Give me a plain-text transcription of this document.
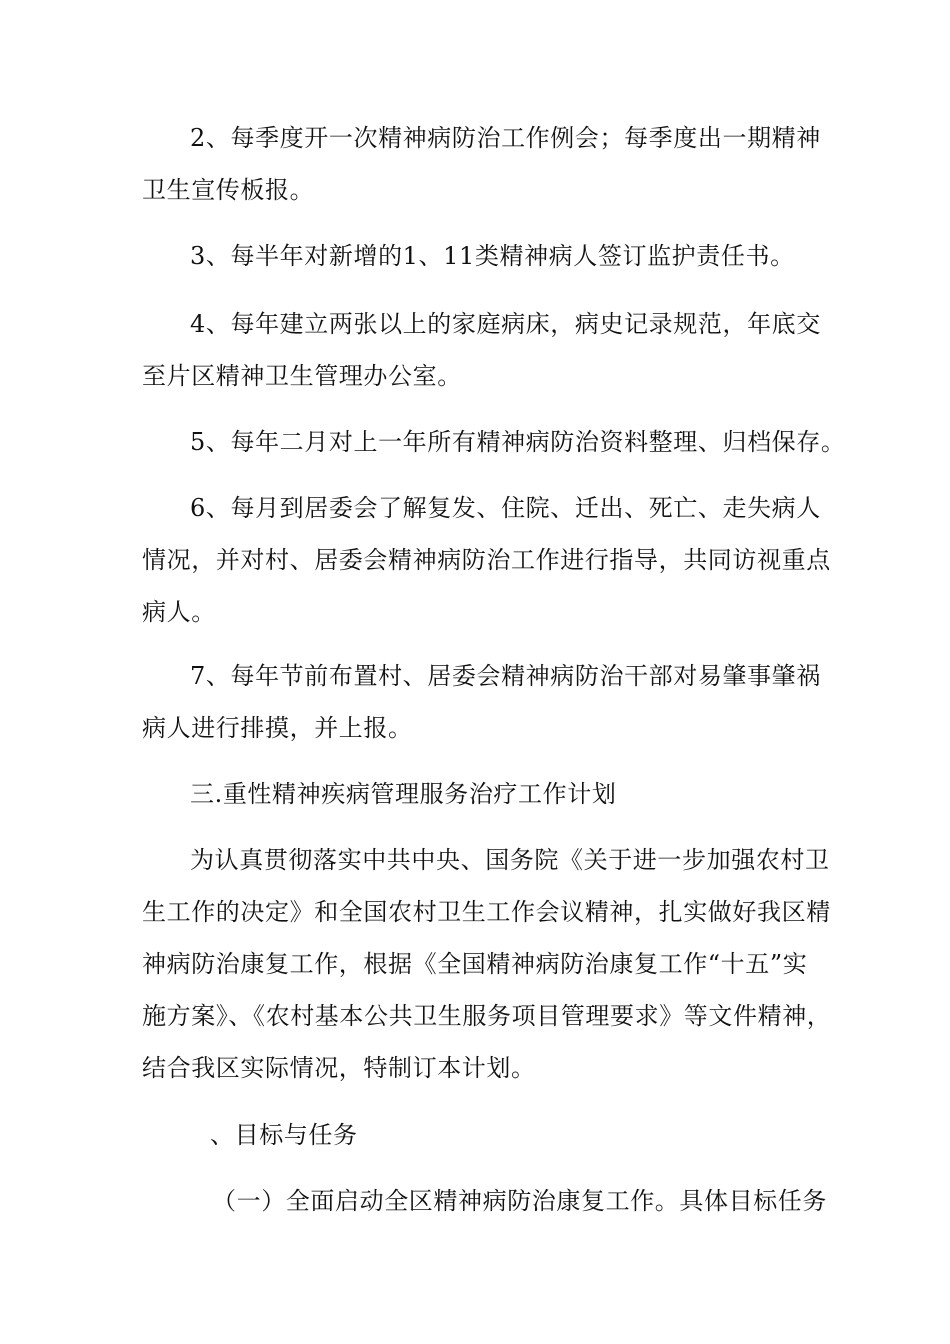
2、每季度开一次精神病防治工作例会；每季度出一期精神
卫生宣传板报。
3、每半年对新增的1、11类精神病人签订监护责任书。
4、每年建立两张以上的家庭病床，病史记录规范，年底交
至片区精神卫生管理办公室。
5、每年二月对上一年所有精神病防治资料整理、归档保存。
6、每月到居委会了解复发、住院、迁出、死亡、走失病人
情况，并对村、居委会精神病防治工作进行指导，共同访视重点
病人。
7、每年节前布置村、居委会精神病防治干部对易肇事肇祸
病人进行排摸，并上报。
三.重性精神疾病管理服务治疗工作计划
为认真贯彻落实中共中央、国务院《关于进一步加强农村卫
生工作的决定》和全国农村卫生工作会议精神，扎实做好我区精
神病防治康复工作，根据《全国精神病防治康复工作“十五”实
施方案》、《农村基本公共卫生服务项目管理要求》等文件精神，
结合我区实际情况，特制订本计划。
、目标与任务
（一）全面启动全区精神病防治康复工作。具体目标任务
